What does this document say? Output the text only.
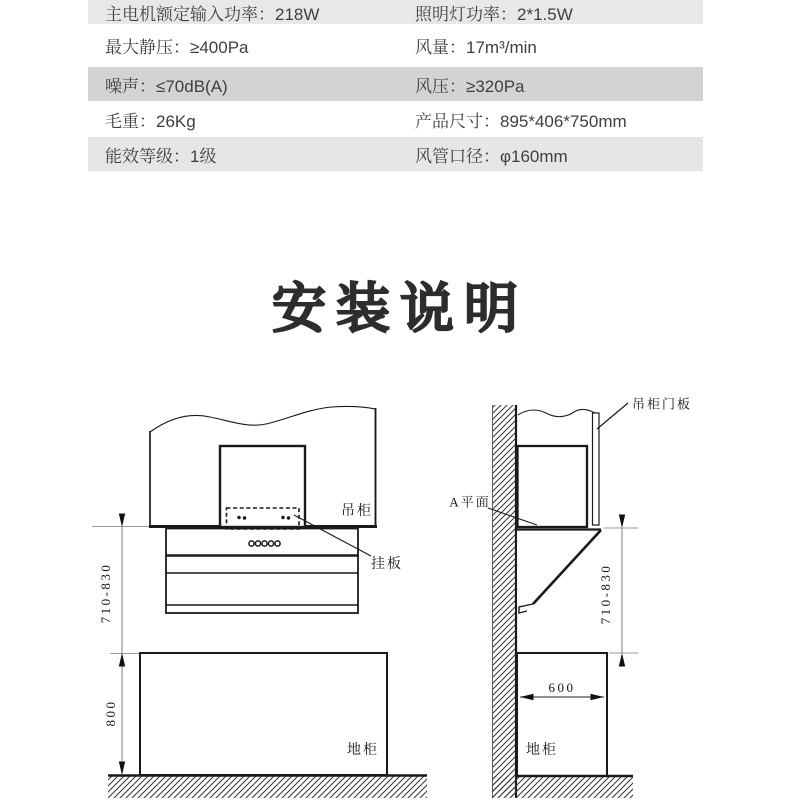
主电机额定输入功率：218W	照明灯功率：2*1.5W
最大静压：≥400Pa	风量：17m³/min
噪声：≤70dB(A)	风压：≥320Pa
毛重：26Kg	产品尺寸：895*406*750mm
能效等级：1级	风管口径：φ160mm
安装说明
吊柜
挂板
地柜
710-830
800
吊柜门板
A平面
710-830
600
地柜
